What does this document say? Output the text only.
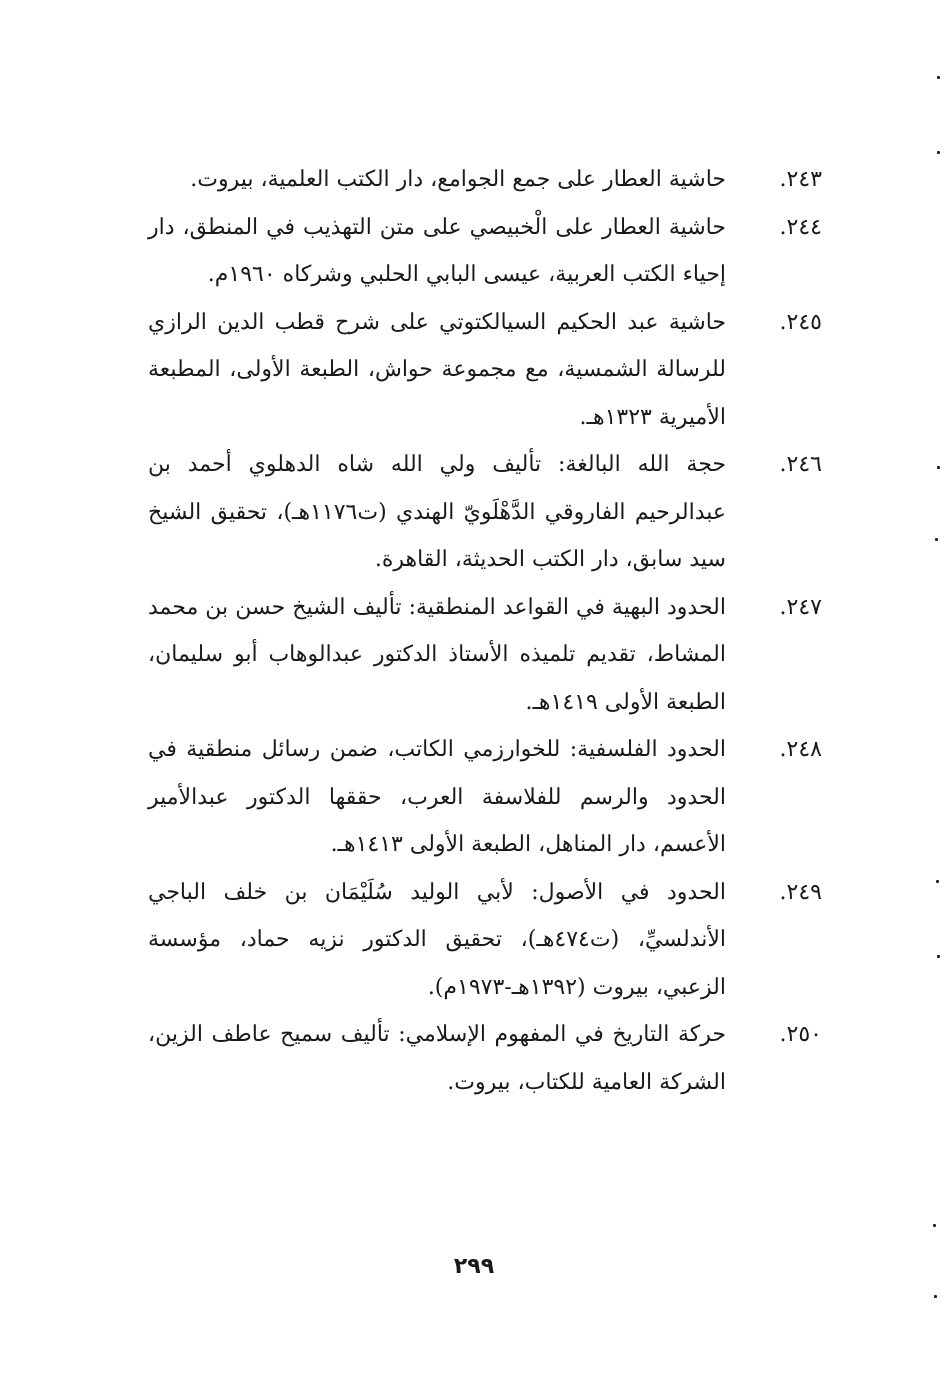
٢٤٣.
حاشية العطار على جمع الجوامع، دار الكتب العلمية، بيروت.
٢٤٤.
حاشية العطار على الْخبيصي على متن التهذيب في المنطق، دار إحياء الكتب العربية، عيسى البابي الحلبي وشركاه ١٩٦٠م.
٢٤٥.
حاشية عبد الحكيم السيالكتوتي على شرح قطب الدين الرازي للرسالة الشمسية، مع مجموعة حواش، الطبعة الأولى، المطبعة الأميرية ١٣٢٣هـ.
٢٤٦.
حجة الله البالغة: تأليف ولي الله شاه الدهلوي أحمد بن عبدالرحيم الفاروقي الدَّهْلَويّ الهندي (ت١١٧٦هـ)، تحقيق الشيخ سيد سابق، دار الكتب الحديثة، القاهرة.
٢٤٧.
الحدود البهية في القواعد المنطقية: تأليف الشيخ حسن بن محمد المشاط، تقديم تلميذه الأستاذ الدكتور عبدالوهاب أبو سليمان، الطبعة الأولى ١٤١٩هـ.
٢٤٨.
الحدود الفلسفية: للخوارزمي الكاتب، ضمن رسائل منطقية في الحدود والرسم للفلاسفة العرب، حققها الدكتور عبدالأمير الأعسم، دار المناهل، الطبعة الأولى ١٤١٣هـ.
٢٤٩.
الحدود في الأصول: لأبي الوليد سُلَيْمَان بن خلف الباجي الأندلسيِّ، (ت٤٧٤هـ)، تحقيق الدكتور نزيه حماد، مؤسسة الزعبي، بيروت (١٣٩٢هـ-١٩٧٣م).
٢٥٠.
حركة التاريخ في المفهوم الإسلامي: تأليف سميح عاطف الزين، الشركة العامية للكتاب، بيروت.
٢٩٩
